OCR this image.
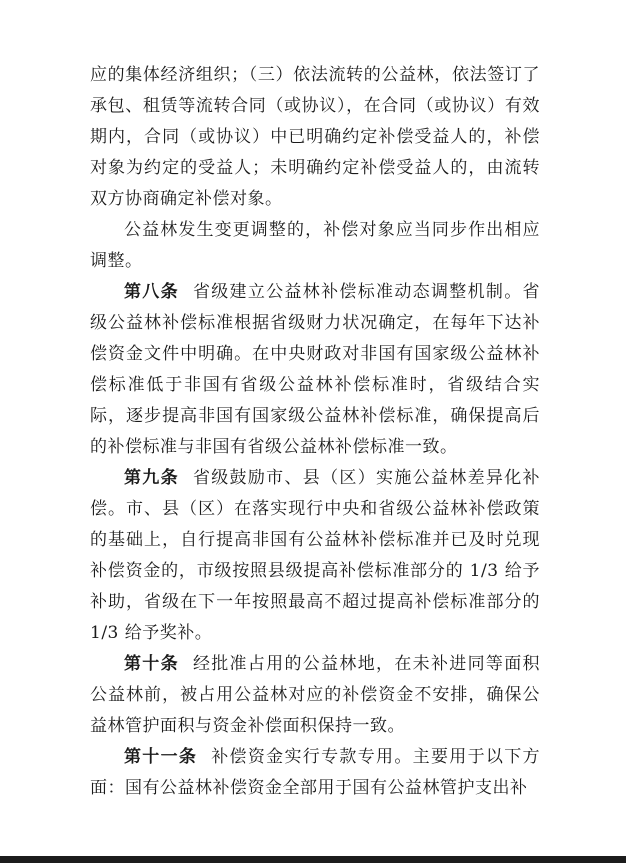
应的集体经济组织；（三）依法流转的公益林，依法签订了承包、租赁等流转合同（或协议），在合同（或协议）有效期内，合同（或协议）中已明确约定补偿受益人的，补偿对象为约定的受益人；未明确约定补偿受益人的，由流转双方协商确定补偿对象。

公益林发生变更调整的，补偿对象应当同步作出相应调整。

第八条 省级建立公益林补偿标准动态调整机制。省级公益林补偿标准根据省级财力状况确定，在每年下达补偿资金文件中明确。在中央财政对非国有国家级公益林补偿标准低于非国有省级公益林补偿标准时，省级结合实际，逐步提高非国有国家级公益林补偿标准，确保提高后的补偿标准与非国有省级公益林补偿标准一致。

第九条 省级鼓励市、县（区）实施公益林差异化补偿。市、县（区）在落实现行中央和省级公益林补偿政策的基础上，自行提高非国有公益林补偿标准并已及时兑现补偿资金的，市级按照县级提高补偿标准部分的 1/3 给予补助，省级在下一年按照最高不超过提高补偿标准部分的 1/3 给予奖补。

第十条 经批准占用的公益林地，在未补进同等面积公益林前，被占用公益林对应的补偿资金不安排，确保公益林管护面积与资金补偿面积保持一致。

第十一条 补偿资金实行专款专用。主要用于以下方面：国有公益林补偿资金全部用于国有公益林管护支出补
